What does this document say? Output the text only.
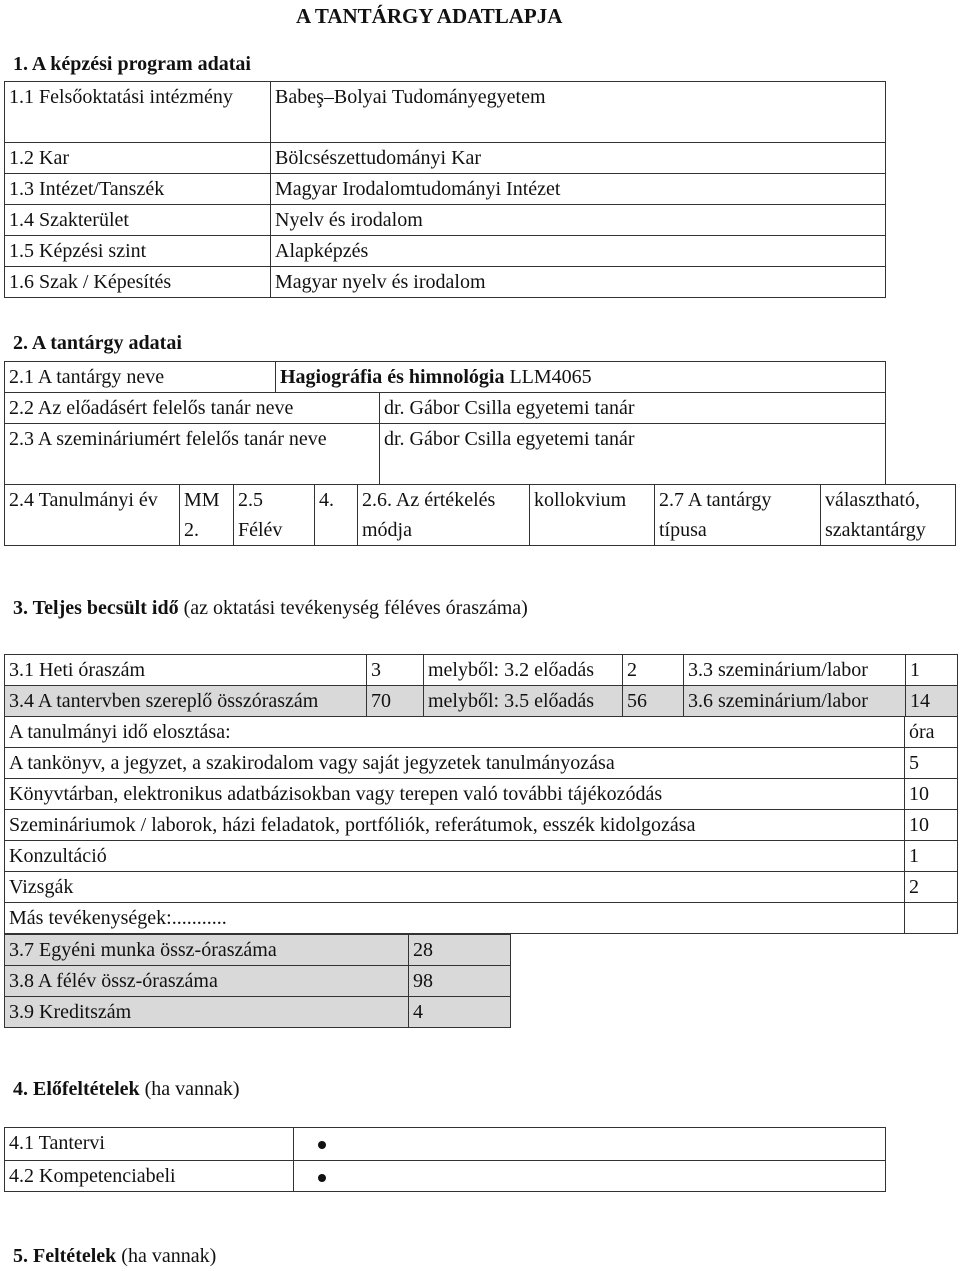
A TANTÁRGY ADATLAPJA
1. A képzési program adatai
1.1 Felsőoktatási intézmény	Babeş–Bolyai Tudományegyetem
1.2 Kar	Bölcsészettudományi Kar
1.3 Intézet/Tanszék	Magyar Irodalomtudományi Intézet
1.4 Szakterület	Nyelv és irodalom
1.5 Képzési szint	Alapképzés
1.6 Szak / Képesítés	Magyar nyelv és irodalom
2. A tantárgy adatai
2.1 A tantárgy neve	Hagiográfia és himnológia LLM4065
2.2 Az előadásért felelős tanár neve	dr. Gábor Csilla egyetemi tanár
2.3 A szemináriumért felelős tanár neve	dr. Gábor Csilla egyetemi tanár
2.4 Tanulmányi év	MM 2.	2.5 Félév	4.	2.6. Az értékelés módja	kollokvium	2.7 A tantárgy típusa	választható, szaktantárgy
3. Teljes becsült idő (az oktatási tevékenység féléves óraszáma)
3.1 Heti óraszám	3	melyből: 3.2 előadás	2	3.3 szeminárium/labor	1
3.4 A tantervben szereplő összóraszám	70	melyből: 3.5 előadás	56	3.6 szeminárium/labor	14
A tanulmányi idő elosztása:	óra
A tankönyv, a jegyzet, a szakirodalom vagy saját jegyzetek tanulmányozása	5
Könyvtárban, elektronikus adatbázisokban vagy terepen való további tájékozódás	10
Szemináriumok / laborok, házi feladatok, portfóliók, referátumok, esszék kidolgozása	10
Konzultáció	1
Vizsgák	2
Más tevékenységek:...........	
3.7 Egyéni munka össz-óraszáma	28
3.8 A félév össz-óraszáma	98
3.9 Kreditszám	4
4. Előfeltételek (ha vannak)
4.1 Tantervi	
4.2 Kompetenciabeli	
5. Feltételek (ha vannak)
